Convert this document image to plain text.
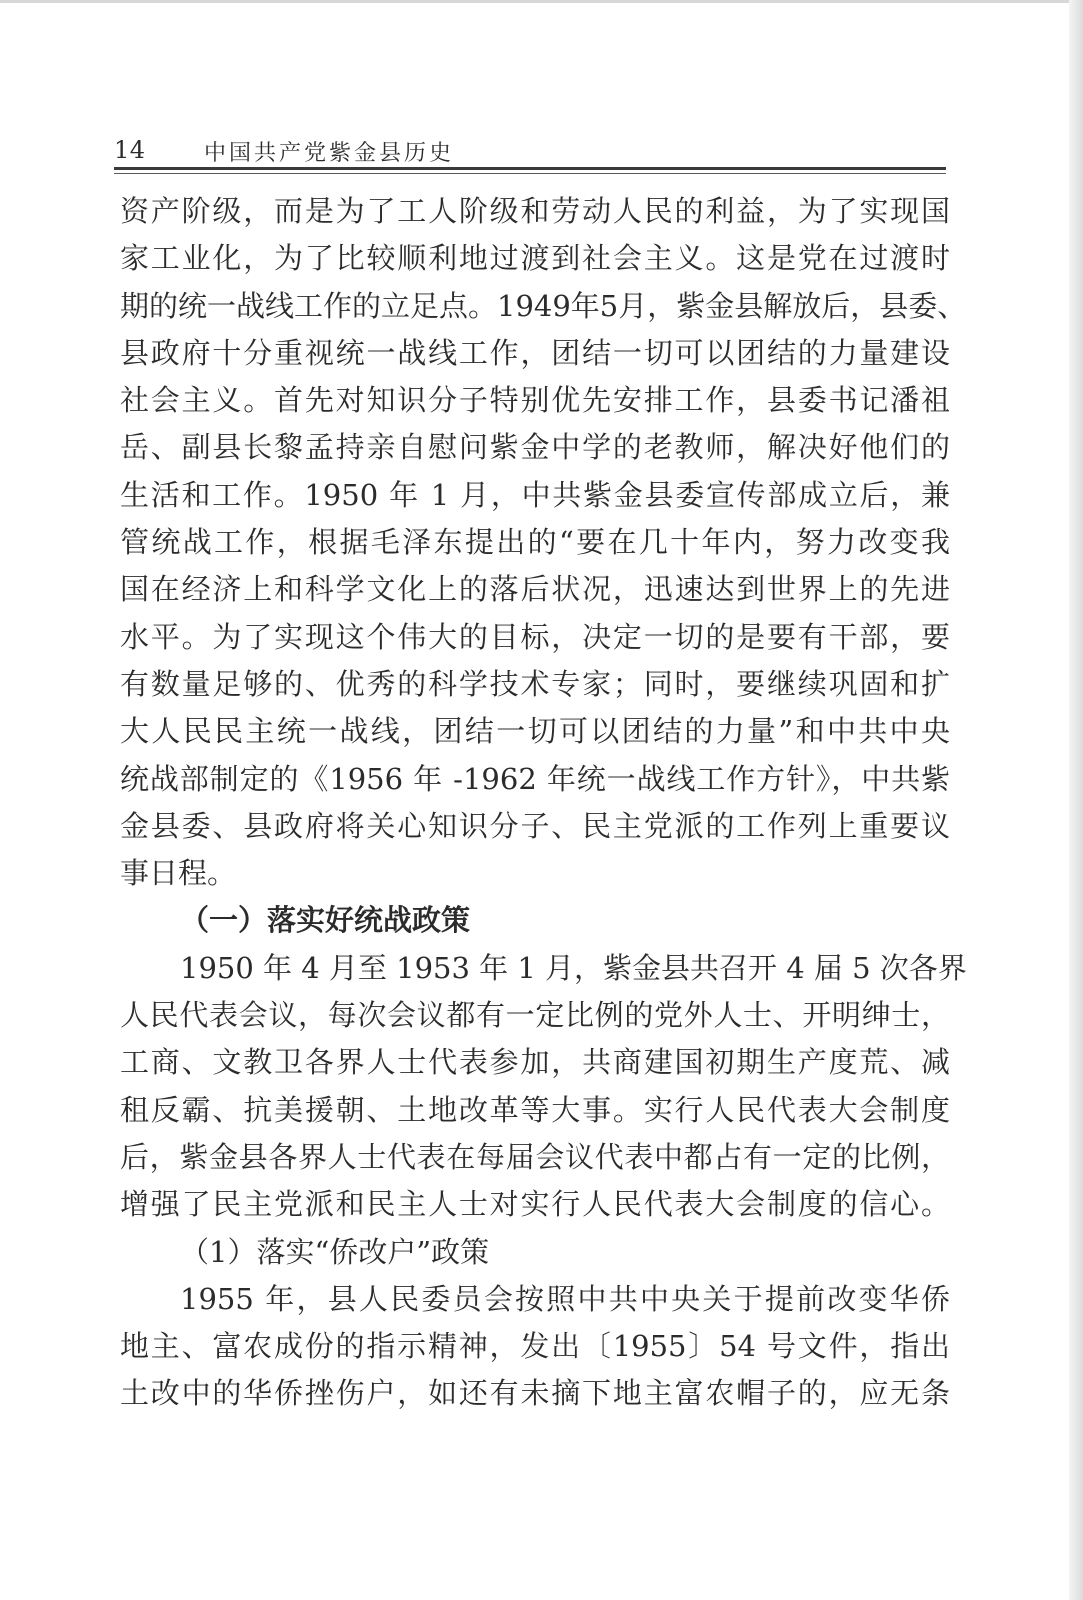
14	中国共产党紫金县历史
资产阶级，而是为了工人阶级和劳动人民的利益，为了实现国
家工业化，为了比较顺利地过渡到社会主义。这是党在过渡时
期的统一战线工作的立足点。1949年5月，紫金县解放后，县委、
县政府十分重视统一战线工作，团结一切可以团结的力量建设
社会主义。首先对知识分子特别优先安排工作，县委书记潘祖
岳、副县长黎孟持亲自慰问紫金中学的老教师，解决好他们的
生活和工作。1950 年 1 月，中共紫金县委宣传部成立后，兼
管统战工作，根据毛泽东提出的“要在几十年内，努力改变我
国在经济上和科学文化上的落后状况，迅速达到世界上的先进
水平。为了实现这个伟大的目标，决定一切的是要有干部，要
有数量足够的、优秀的科学技术专家；同时，要继续巩固和扩
大人民民主统一战线，团结一切可以团结的力量”和中共中央
统战部制定的《1956 年 -1962 年统一战线工作方针》，中共紫
金县委、县政府将关心知识分子、民主党派的工作列上重要议
事日程。
（一）落实好统战政策
1950 年 4 月至 1953 年 1 月，紫金县共召开 4 届 5 次各界
人民代表会议，每次会议都有一定比例的党外人士、开明绅士，
工商、文教卫各界人士代表参加，共商建国初期生产度荒、减
租反霸、抗美援朝、土地改革等大事。实行人民代表大会制度
后，紫金县各界人士代表在每届会议代表中都占有一定的比例，
增强了民主党派和民主人士对实行人民代表大会制度的信心。
（1）落实“侨改户”政策
1955 年，县人民委员会按照中共中央关于提前改变华侨
地主、富农成份的指示精神，发出〔1955〕54 号文件，指出
土改中的华侨挫伤户，如还有未摘下地主富农帽子的，应无条
